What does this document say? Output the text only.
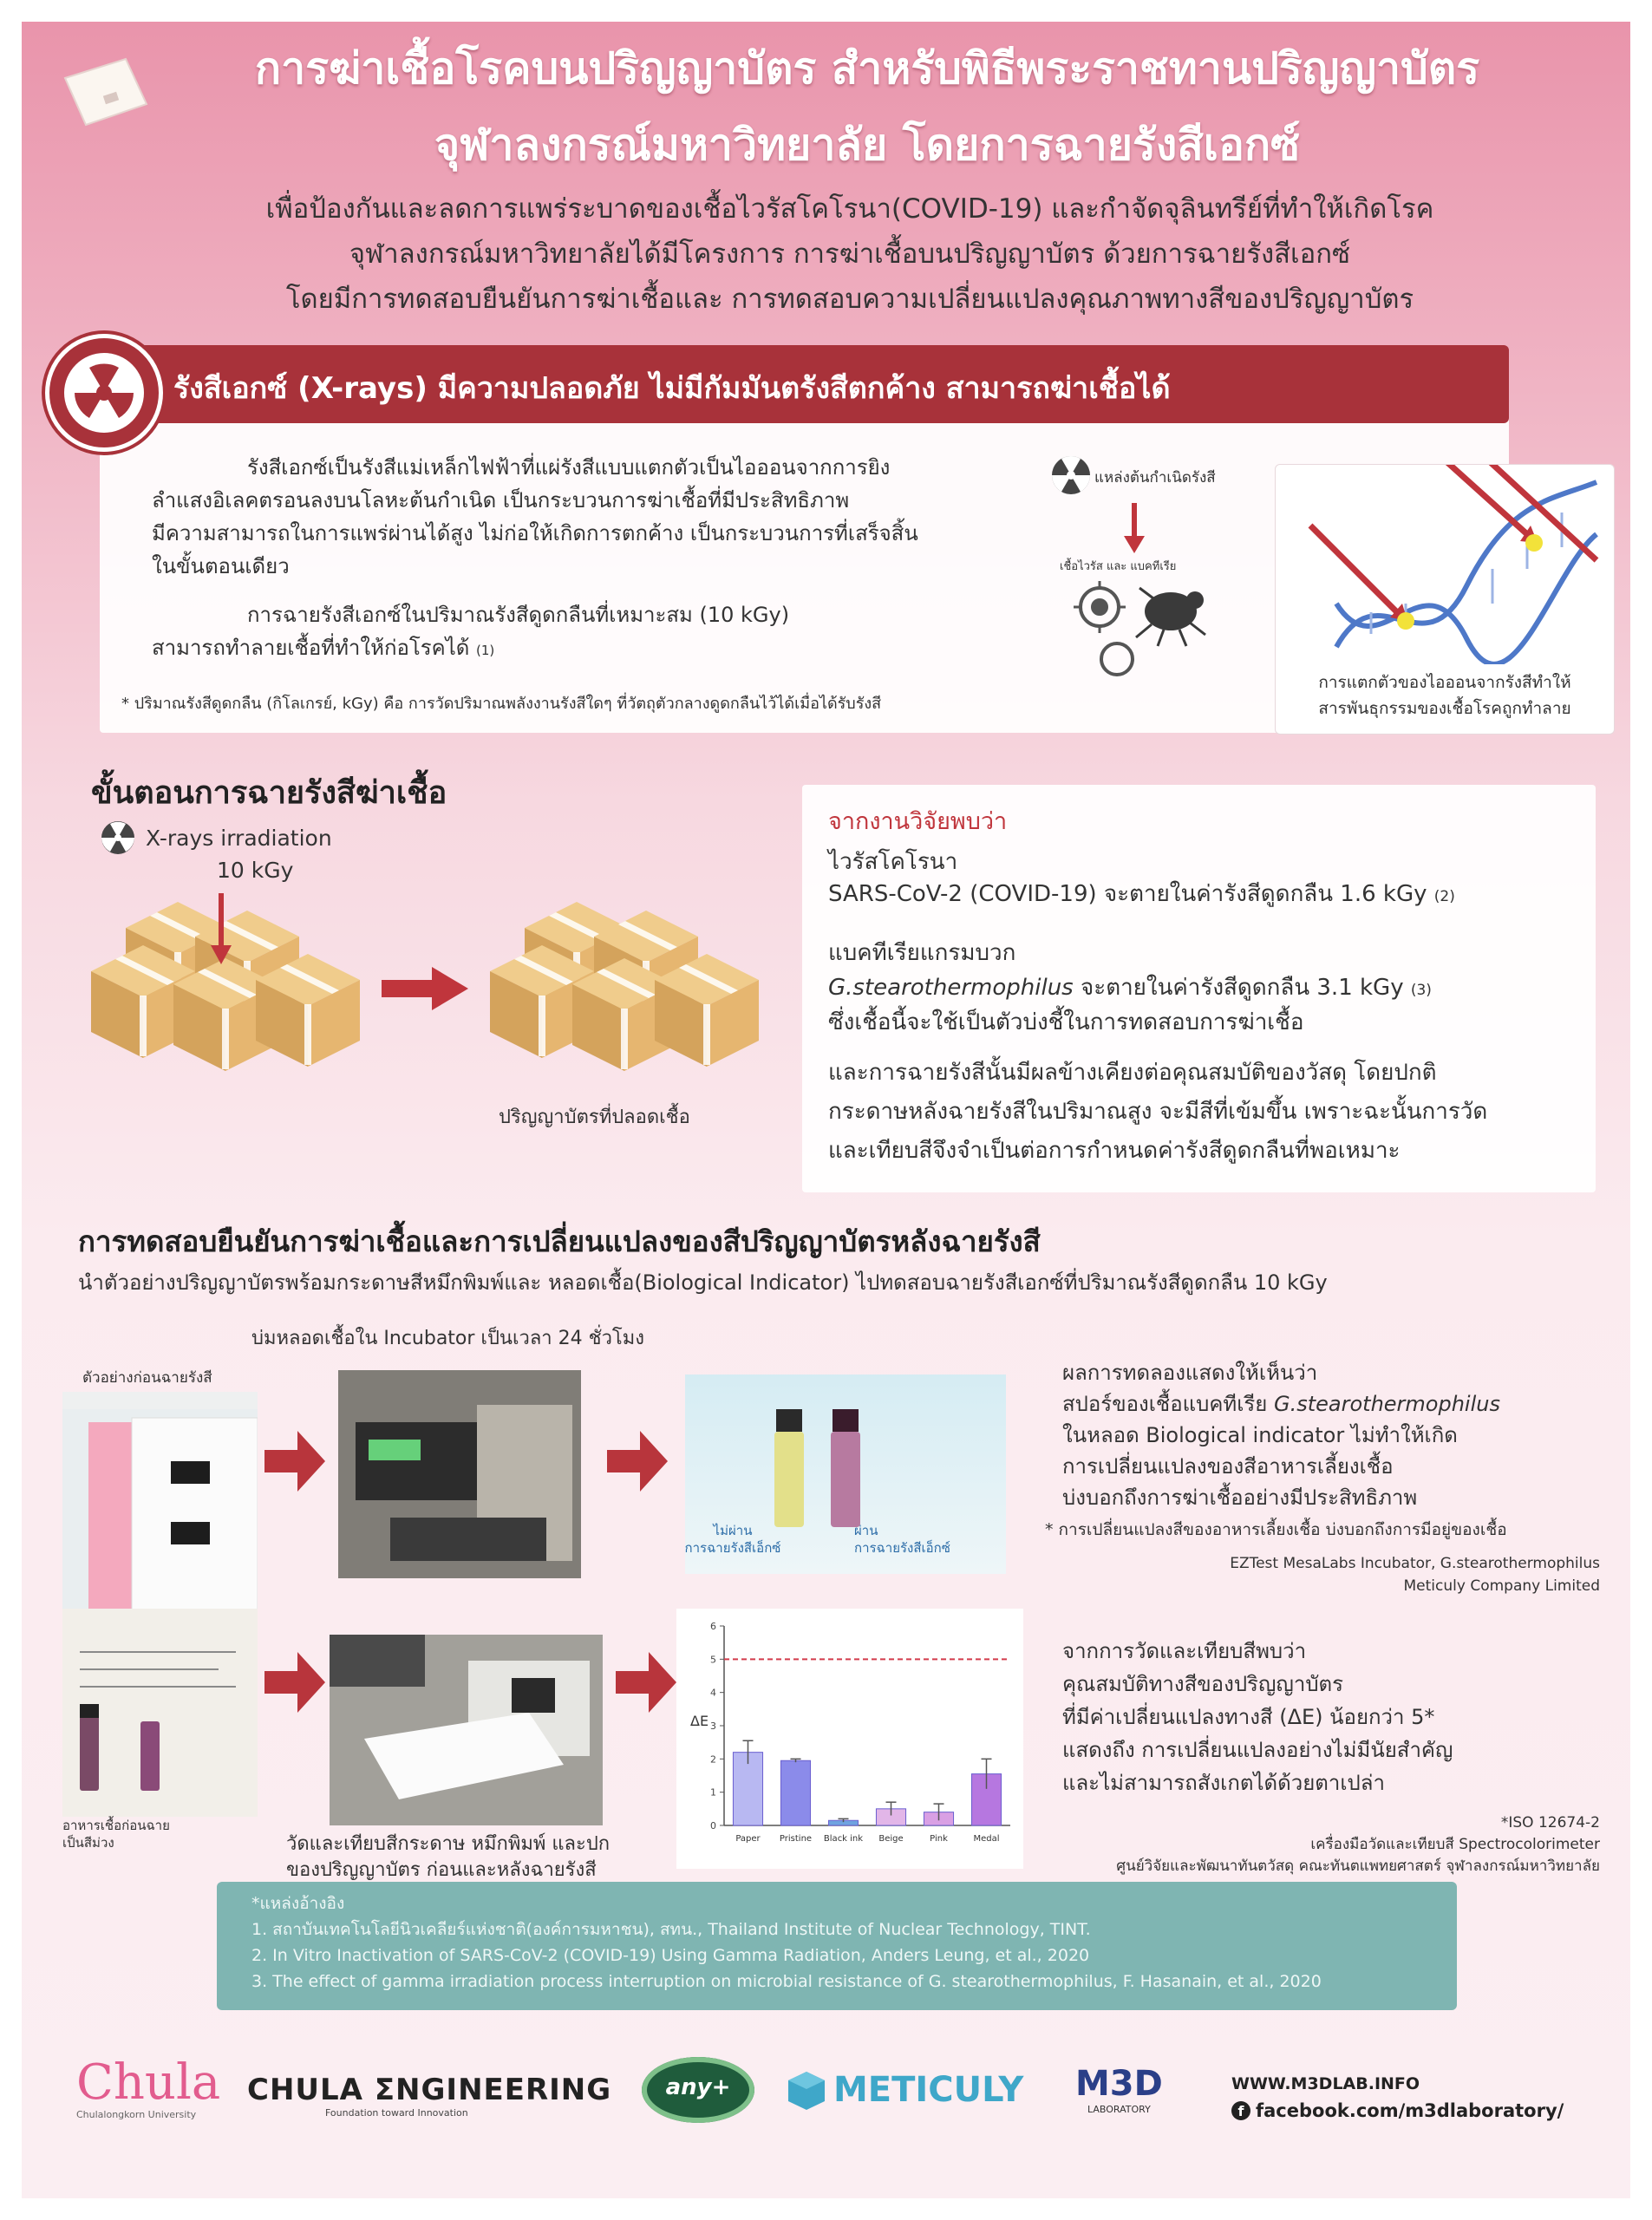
การฆ่าเชื้อโรคบนปริญญาบัตร สำหรับพิธีพระราชทานปริญญาบัตร
จุฬาลงกรณ์มหาวิทยาลัย โดยการฉายรังสีเอกซ์
เพื่อป้องกันและลดการแพร่ระบาดของเชื้อไวรัสโคโรนา(COVID-19) และกำจัดจุลินทรีย์ที่ทำให้เกิดโรค
จุฬาลงกรณ์มหาวิทยาลัยได้มีโครงการ การฆ่าเชื้อบนปริญญาบัตร ด้วยการฉายรังสีเอกซ์
โดยมีการทดสอบยืนยันการฆ่าเชื้อและ การทดสอบความเปลี่ยนแปลงคุณภาพทางสีของปริญญาบัตร
รังสีเอกซ์ (X-rays) มีความปลอดภัย ไม่มีกัมมันตรังสีตกค้าง สามารถฆ่าเชื้อได้
รังสีเอกซ์เป็นรังสีแม่เหล็กไฟฟ้าที่แผ่รังสีแบบแตกตัวเป็นไอออนจากการยิง
ลำแสงอิเลคตรอนลงบนโลหะต้นกำเนิด เป็นกระบวนการฆ่าเชื้อที่มีประสิทธิภาพ
มีความสามารถในการแพร่ผ่านได้สูง ไม่ก่อให้เกิดการตกค้าง เป็นกระบวนการที่เสร็จสิ้น
ในขั้นตอนเดียว
การฉายรังสีเอกซ์ในปริมาณรังสีดูดกลืนที่เหมาะสม (10 kGy)
สามารถทำลายเชื้อที่ทำให้ก่อโรคได้ (1)
* ปริมาณรังสีดูดกลืน (กิโลเกรย์, kGy) คือ การวัดปริมาณพลังงานรังสีใดๆ ที่วัตถุตัวกลางดูดกลืนไว้ได้เมื่อได้รับรังสี
แหล่งต้นกำเนิดรังสี
เชื้อไวรัส และ แบคทีเรีย
การแตกตัวของไอออนจากรังสีทำให้
สารพันธุกรรมของเชื้อโรคถูกทำลาย
ขั้นตอนการฉายรังสีฆ่าเชื้อ
X-rays irradiation
10 kGy
ปริญญาบัตรที่ปลอดเชื้อ
จากงานวิจัยพบว่า
ไวรัสโคโรนา
SARS-CoV-2 (COVID-19) จะตายในค่ารังสีดูดกลืน 1.6 kGy (2)
แบคทีเรียแกรมบวก
G.stearothermophilus จะตายในค่ารังสีดูดกลืน 3.1 kGy (3)
ซึ่งเชื้อนี้จะใช้เป็นตัวบ่งชี้ในการทดสอบการฆ่าเชื้อ
และการฉายรังสีนั้นมีผลข้างเคียงต่อคุณสมบัติของวัสดุ โดยปกติ
กระดาษหลังฉายรังสีในปริมาณสูง จะมีสีที่เข้มขึ้น เพราะฉะนั้นการวัด
และเทียบสีจึงจำเป็นต่อการกำหนดค่ารังสีดูดกลืนที่พอเหมาะ
การทดสอบยืนยันการฆ่าเชื้อและการเปลี่ยนแปลงของสีปริญญาบัตรหลังฉายรังสี
นำตัวอย่างปริญญาบัตรพร้อมกระดาษสีหมึกพิมพ์และ หลอดเชื้อ(Biological Indicator) ไปทดสอบฉายรังสีเอกซ์ที่ปริมาณรังสีดูดกลืน 10 kGy
บ่มหลอดเชื้อใน Incubator เป็นเวลา 24 ชั่วโมง
ตัวอย่างก่อนฉายรังสี
อาหารเชื้อก่อนฉาย
เป็นสีม่วง
ไม่ผ่าน
การฉายรังสีเอ็กซ์
ผ่าน
การฉายรังสีเอ็กซ์
วัดและเทียบสีกระดาษ หมึกพิมพ์ และปก
ของปริญญาบัตร ก่อนและหลังฉายรังสี
0
1
2
3
4
5
6
ΔE
Paper Pristine Black ink Beige	Pink	Medal
ผลการทดลองแสดงให้เห็นว่า
สปอร์ของเชื้อแบคทีเรีย G.stearothermophilus
ในหลอด Biological indicator ไม่ทำให้เกิด
การเปลี่ยนแปลงของสีอาหารเลี้ยงเชื้อ
บ่งบอกถึงการฆ่าเชื้ออย่างมีประสิทธิภาพ
* การเปลี่ยนแปลงสีของอาหารเลี้ยงเชื้อ บ่งบอกถึงการมีอยู่ของเชื้อ
EZTest MesaLabs Incubator, G.stearothermophilus
Meticuly Company Limited
จากการวัดและเทียบสีพบว่า
คุณสมบัติทางสีของปริญญาบัตร
ที่มีค่าเปลี่ยนแปลงทางสี (ΔE) น้อยกว่า 5*
แสดงถึง การเปลี่ยนแปลงอย่างไม่มีนัยสำคัญ
และไม่สามารถสังเกตได้ด้วยตาเปล่า
*ISO 12674-2
เครื่องมือวัดและเทียบสี Spectrocolorimeter
ศูนย์วิจัยและพัฒนาทันตวัสดุ คณะทันตแพทยศาสตร์ จุฬาลงกรณ์มหาวิทยาลัย
*แหล่งอ้างอิง
1. สถาบันเทคโนโลยีนิวเคลียร์แห่งชาติ(องค์การมหาชน), สทน., Thailand Institute of Nuclear Technology, TINT.
2. In Vitro Inactivation of SARS-CoV-2 (COVID-19) Using Gamma Radiation, Anders Leung, et al., 2020
3. The effect of gamma irradiation process interruption on microbial resistance of G. stearothermophilus, F. Hasanain, et al., 2020
Chula
Chulalongkorn University
CHULA ΣNGINEERING
Foundation toward Innovation
any+	METICULY M3D
LABORATORY
WWW.M3DLAB.INFO
f facebook.com/m3dlaboratory/
